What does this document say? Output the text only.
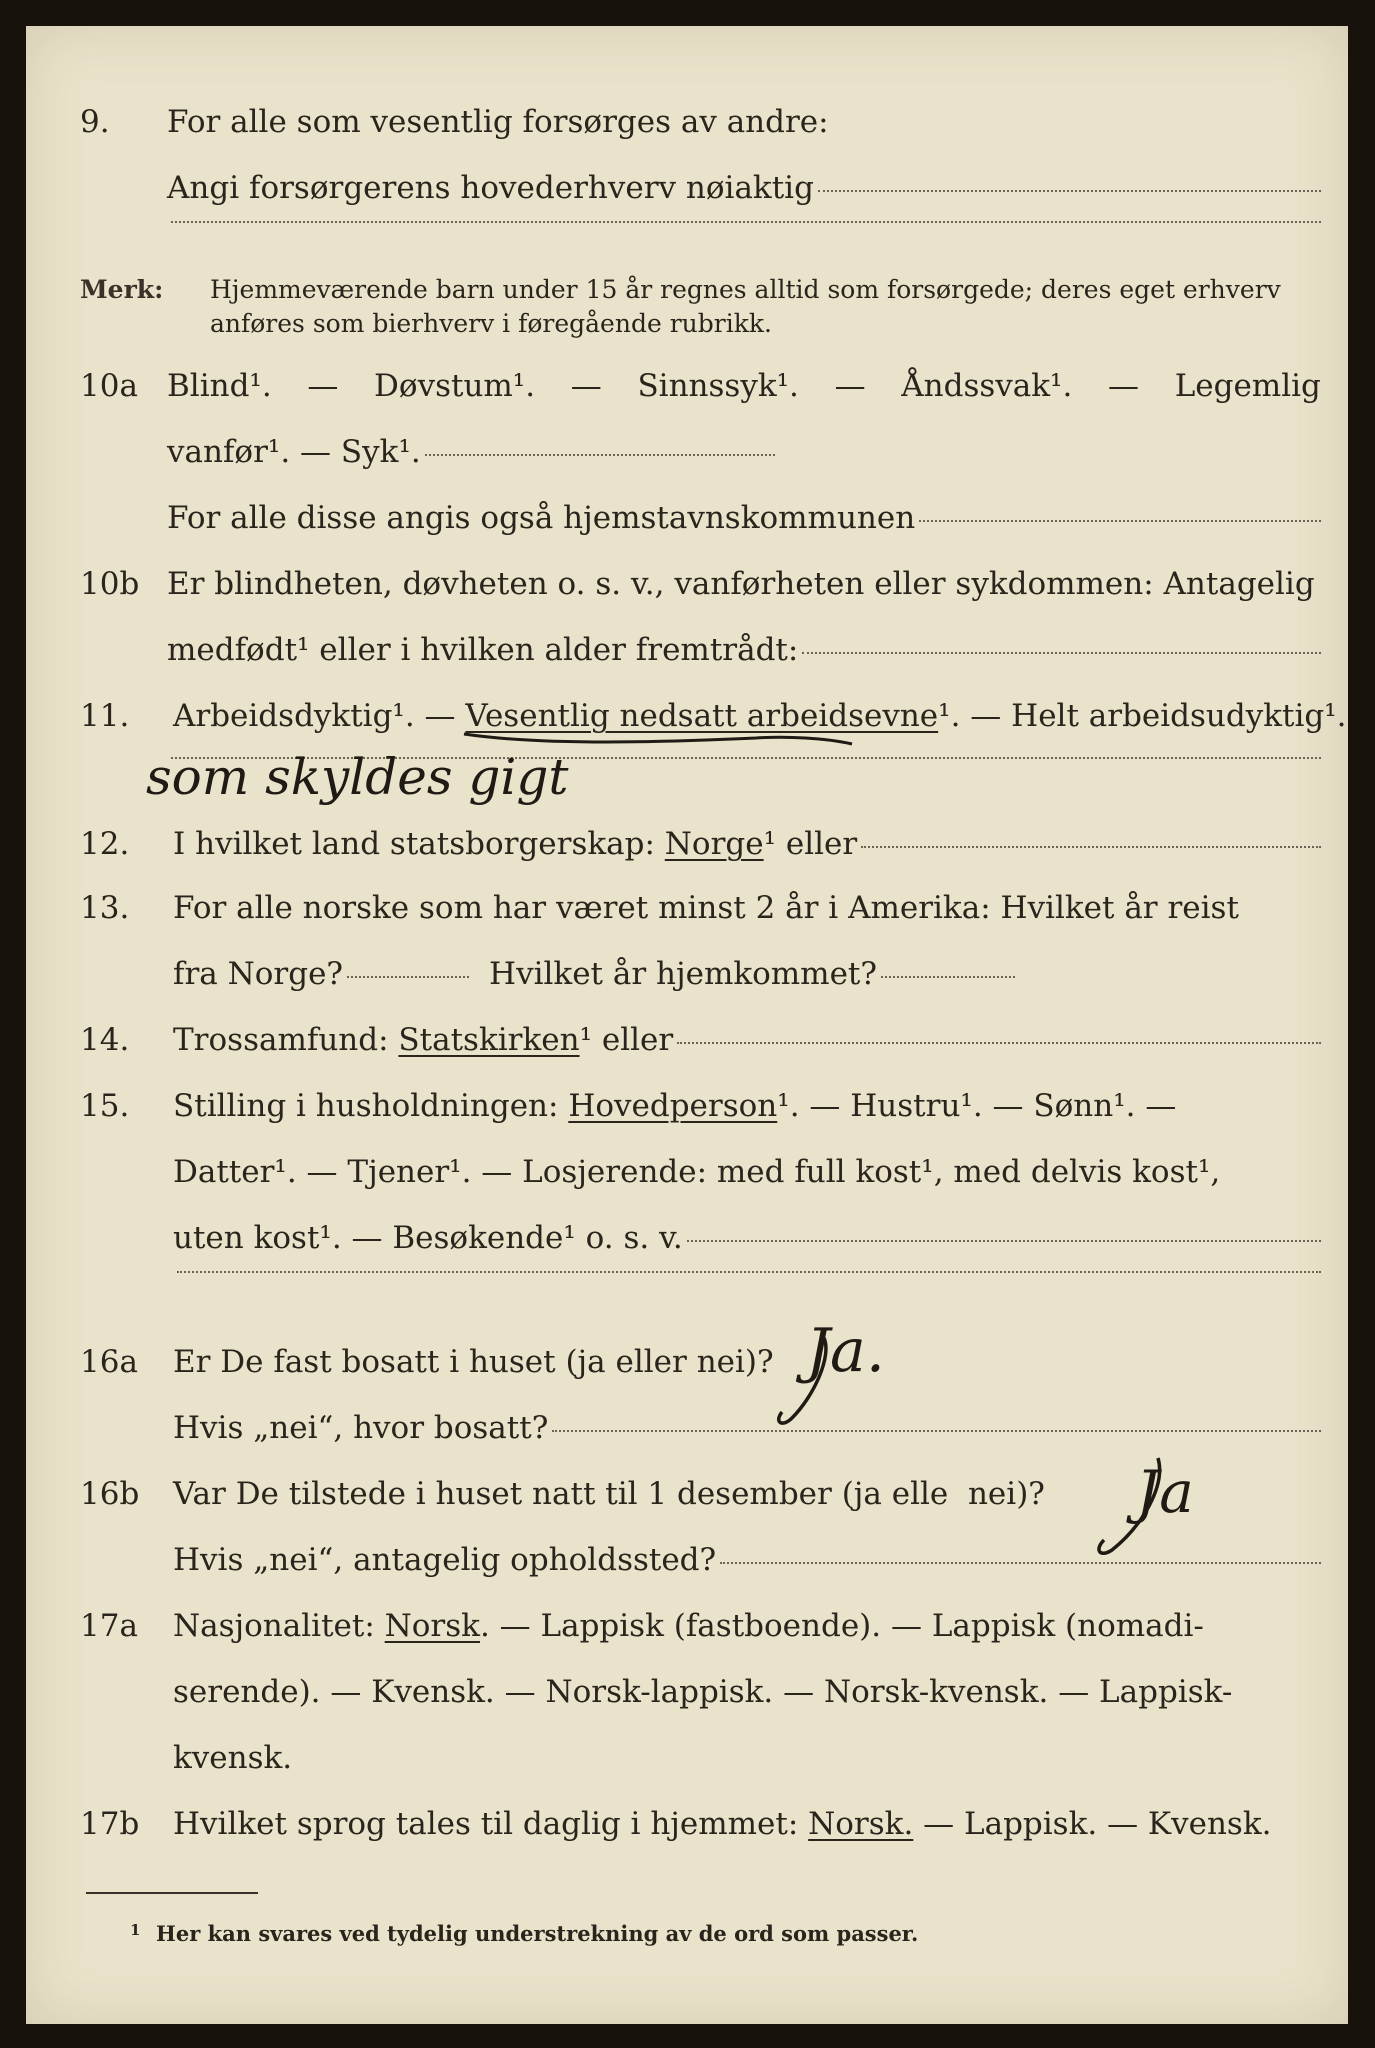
9.	For alle som vesentlig forsørges av andre:
Angi forsørgerens hovederhverv nøiaktig
Merk:	Hjemmeværende barn under 15 år regnes alltid som forsørgede; deres eget erhverv
anføres som bierhverv i føregående rubrikk.
10a Blind¹. — Døvstum¹. — Sinnssyk¹. — Åndssvak¹. — Legemlig
vanfør¹. — Syk¹.
For alle disse angis også hjemstavnskommunen
10b Er blindheten, døvheten o. s. v., vanførheten eller sykdommen: Antagelig
medfødt¹ eller i hvilken alder fremtrådt:
11.	Arbeidsdyktig¹. — Vesentlig nedsatt arbeidsevne ¹. — Helt arbeidsudyktig¹.
som skyldes gigt
12.	I hvilket land statsborgerskap: Norge ¹ eller
13.	For alle norske som har været minst 2 år i Amerika: Hvilket år reist
fra Norge?	Hvilket år hjemkommet?
14.	Trossamfund: Statskirken ¹ eller
15.	Stilling i husholdningen: Hovedperson ¹. — Hustru¹. — Sønn¹. —
Datter¹. — Tjener¹. — Losjerende: med full kost¹, med delvis kost¹,
uten kost¹. — Besøkende¹ o. s. v.
16a	Er De fast bosatt i huset (ja eller nei)? Ja.
Hvis „nei“, hvor bosatt?
16b	Var De tilstede i huset natt til 1 desember (ja elle  nei)? Ja
Hvis „nei“, antagelig opholdssted?
17a	Nasjonalitet: Norsk . — Lappisk (fastboende). — Lappisk (nomadi-
serende). — Kvensk. — Norsk-lappisk. — Norsk-kvensk. — Lappisk-
kvensk.
17b	Hvilket sprog tales til daglig i hjemmet: Norsk. — Lappisk. — Kvensk.
1 Her kan svares ved tydelig understrekning av de ord som passer.
